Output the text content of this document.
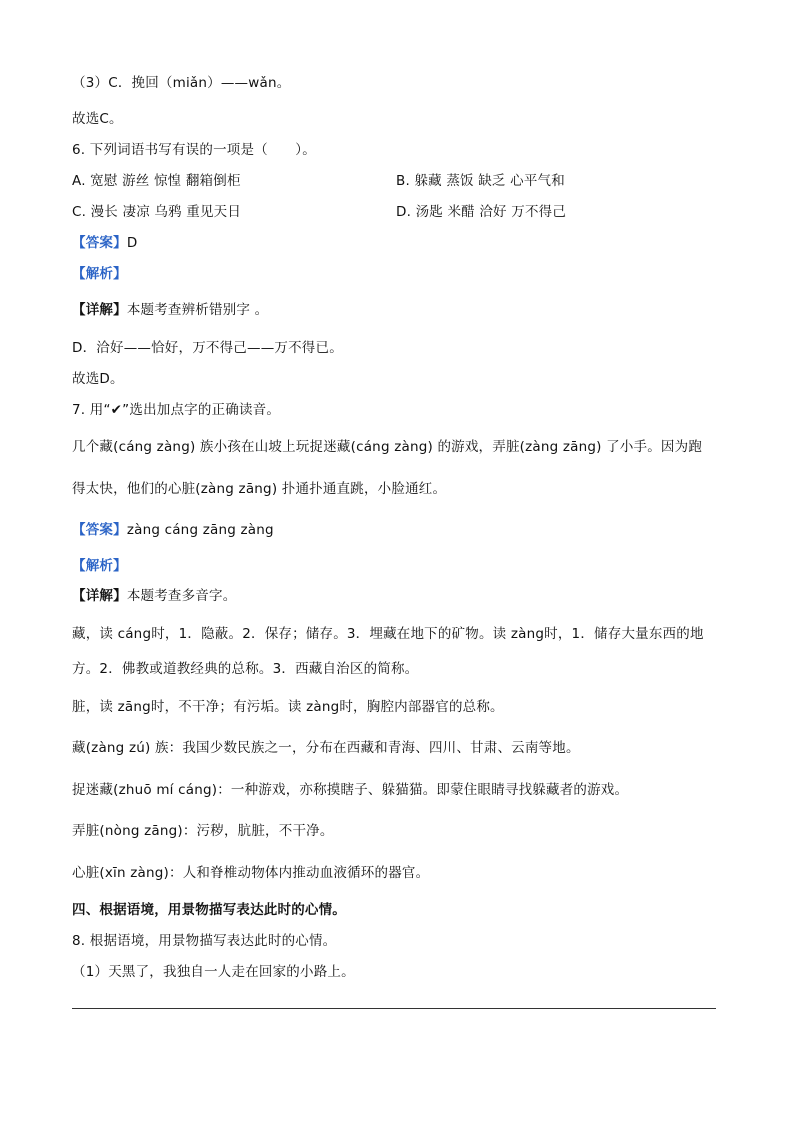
（3）C．挽回（miǎn）——wǎn。
故选C。
6. 下列词语书写有误的一项是（　　）。
A. 宽慰 游丝 惊惶 翻箱倒柜	B. 躲藏 蒸饭 缺乏 心平气和
C. 漫长 凄凉 乌鸦 重见天日	D. 汤匙 米醋 洽好 万不得己
【答案】D
【解析】
【详解】本题考查辨析错别字 。
D．洽好——恰好，万不得己——万不得已。
故选D。
7. 用“✔”选出加点字的正确读音。
几个藏(cáng zàng) 族小孩在山坡上玩捉迷藏(cáng zàng) 的游戏，弄脏(zàng zāng) 了小手。因为跑
得太快，他们的心脏(zàng zāng) 扑通扑通直跳，小脸通红。
【答案】zàng cáng zāng zàng
【解析】
【详解】本题考查多音字。
藏，读 cáng时，1．隐蔽。2．保存；储存。3．埋藏在地下的矿物。读 zàng时，1．储存大量东西的地
方。2．佛教或道教经典的总称。3．西藏自治区的简称。
脏，读 zāng时，不干净；有污垢。读 zàng时，胸腔内部器官的总称。
藏(zàng zú) 族：我国少数民族之一，分布在西藏和青海、四川、甘肃、云南等地。
捉迷藏(zhuō mí cáng)：一种游戏，亦称摸瞎子、躲猫猫。即蒙住眼睛寻找躲藏者的游戏。
弄脏(nòng zāng)：污秽，肮脏，不干净。
心脏(xīn zàng)：人和脊椎动物体内推动血液循环的器官。
四、根据语境，用景物描写表达此时的心情。
8. 根据语境，用景物描写表达此时的心情。
（1）天黑了，我独自一人走在回家的小路上。
